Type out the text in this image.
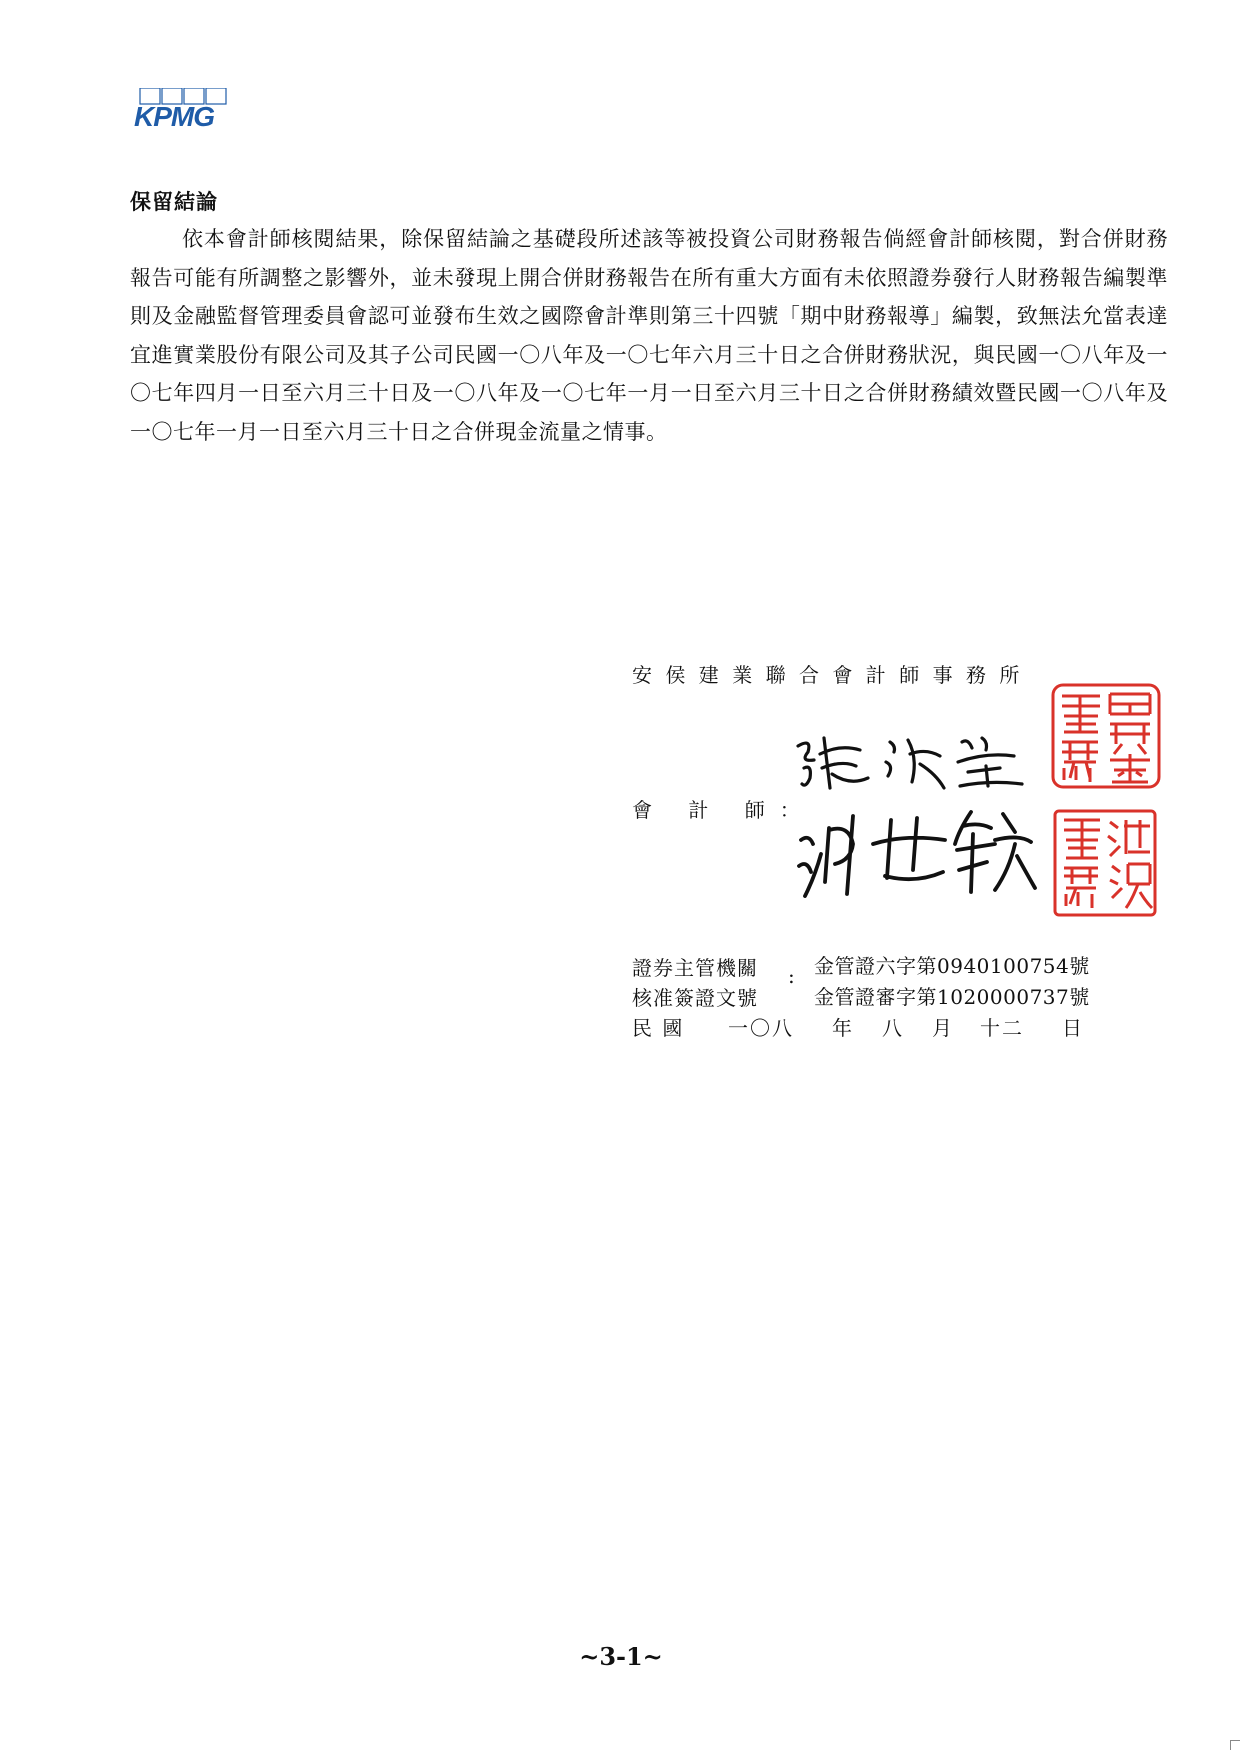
KPMG
保留結論
依本會計師核閱結果，除保留結論之基礎段所述該等被投資公司財務報告倘經會計師核閱，對合併財務報告可能有所調整之影響外，並未發現上開合併財務報告在所有重大方面有未依照證券發行人財務報告編製準則及金融監督管理委員會認可並發布生效之國際會計準則第三十四號「期中財務報導」編製，致無法允當表達宜進實業股份有限公司及其子公司民國一〇八年及一〇七年六月三十日之合併財務狀況，與民國一〇八年及一〇七年四月一日至六月三十日及一〇八年及一〇七年一月一日至六月三十日之合併財務績效暨民國一〇八年及一〇七年一月一日至六月三十日之合併現金流量之情事。
安侯建業聯合會計師事務所
會 計 師：
證券主管機關
核准簽證文號
: 金管證六字第0940100754號
金管證審字第1020000737號
民 國 一〇八 年 八 月 十二 日
~3-1~
